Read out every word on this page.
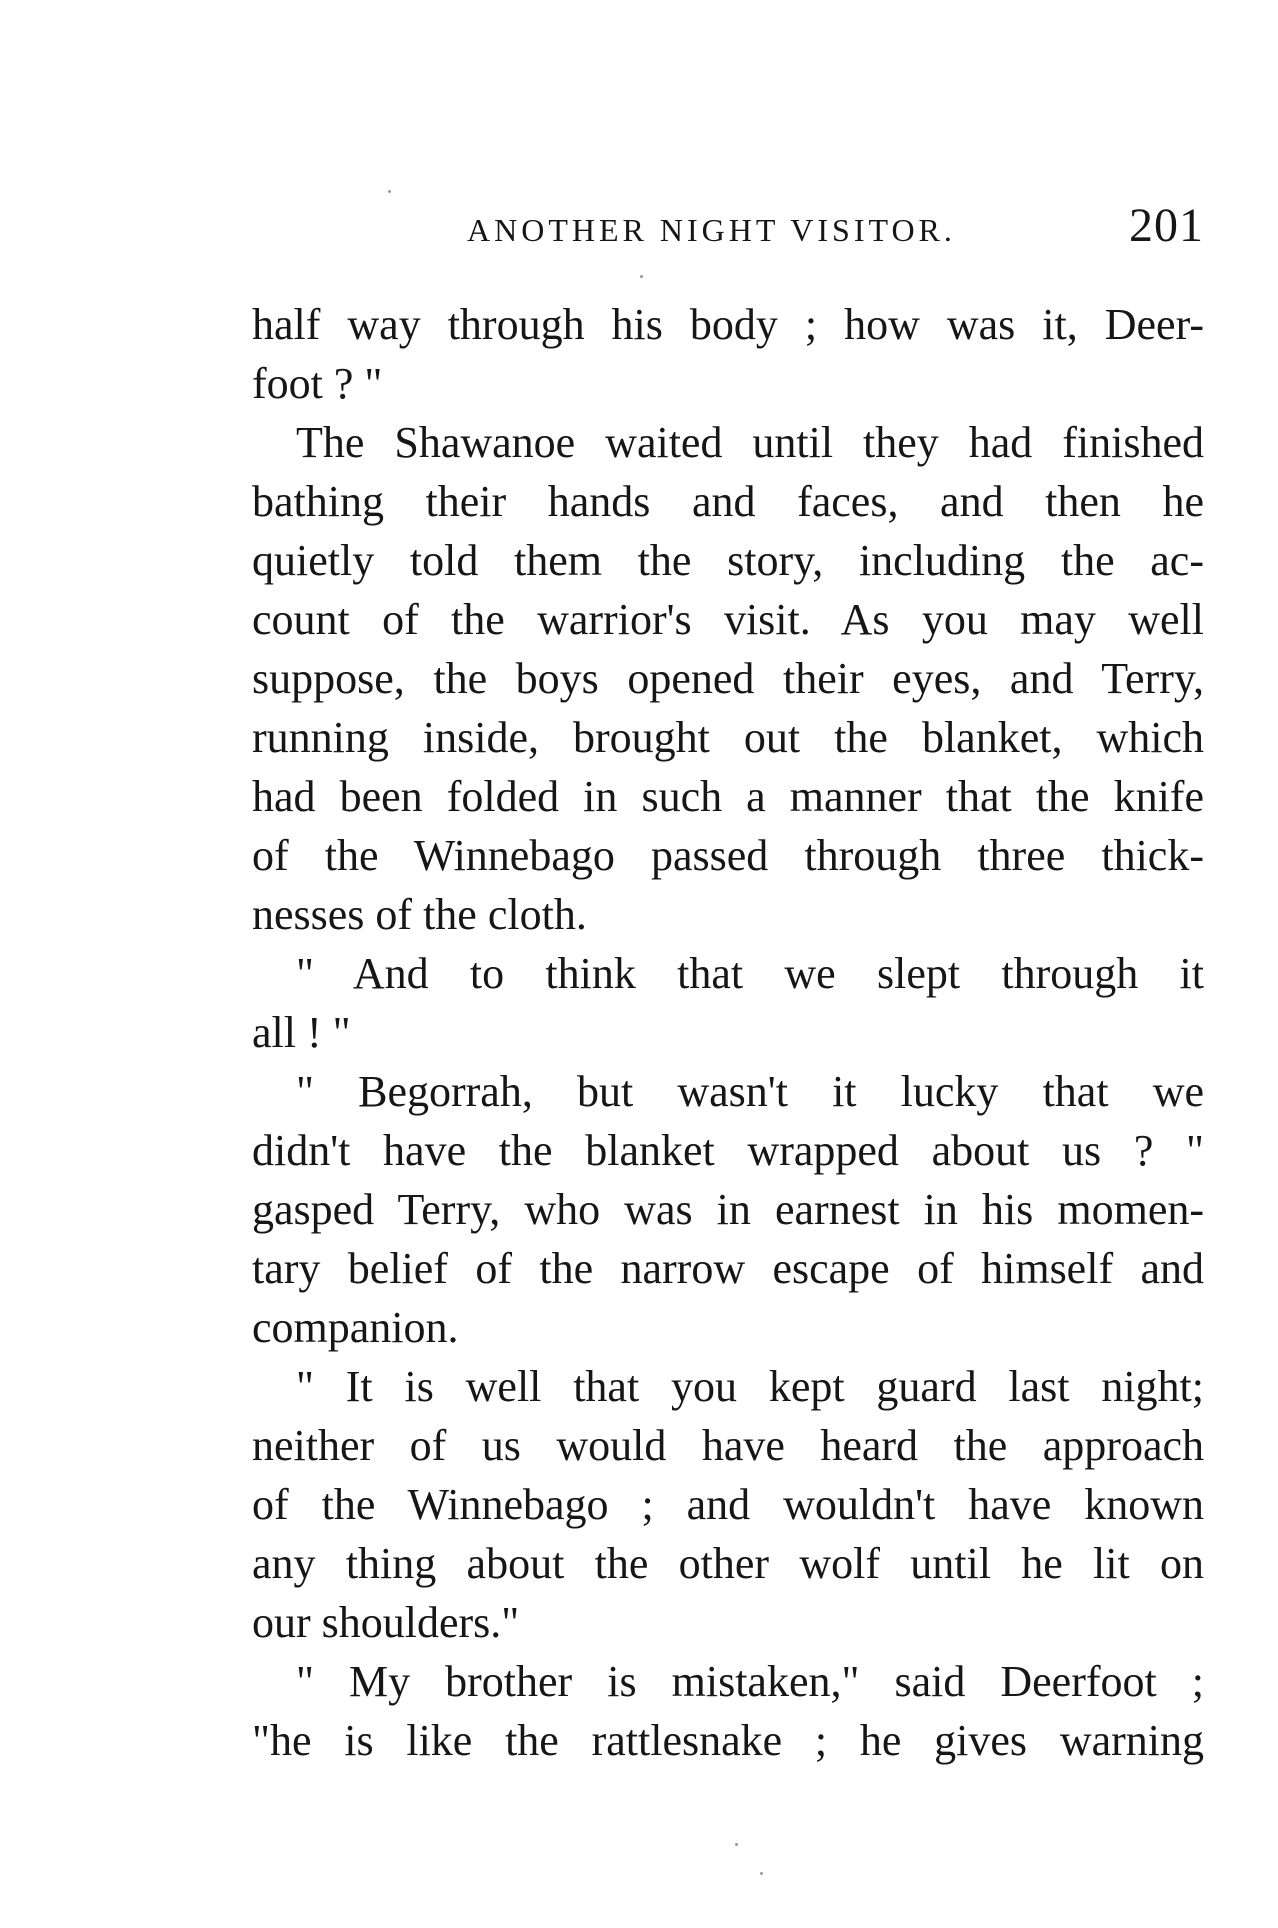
ANOTHER NIGHT VISITOR.	201
half way through his body ; how was it, Deer-
foot ? "
The Shawanoe waited until they had finished
bathing their hands and faces, and then he
quietly told them the story, including the ac-
count of the warrior's visit. As you may well
suppose, the boys opened their eyes, and Terry,
running inside, brought out the blanket, which
had been folded in such a manner that the knife
of the Winnebago passed through three thick-
nesses of the cloth.
" And to think that we slept through it
all ! "
" Begorrah, but wasn't it lucky that we
didn't have the blanket wrapped about us ? "
gasped Terry, who was in earnest in his momen-
tary belief of the narrow escape of himself and
companion.
" It is well that you kept guard last night;
neither of us would have heard the approach
of the Winnebago ; and wouldn't have known
any thing about the other wolf until he lit on
our shoulders."
" My brother is mistaken," said Deerfoot ;
"he is like the rattlesnake ; he gives warning
